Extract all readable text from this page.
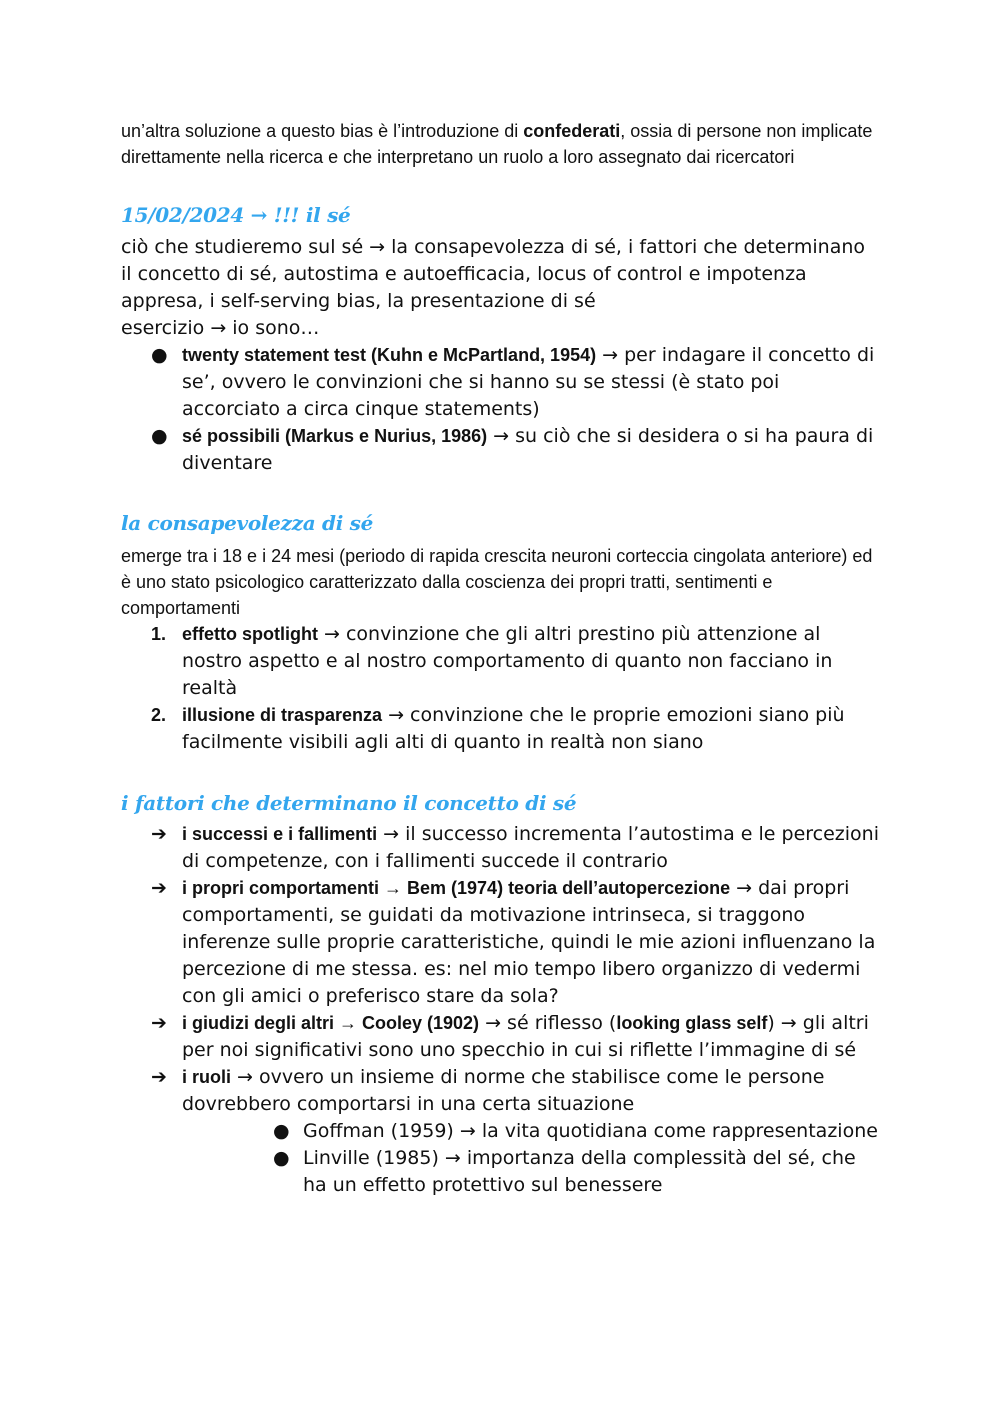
un’altra soluzione a questo bias è l’introduzione di confederati, ossia di persone non implicate direttamente nella ricerca e che interpretano un ruolo a loro assegnato dai ricercatori

15/02/2024 → !!! il sé

ciò che studieremo sul sé → la consapevolezza di sé, i fattori che determinano il concetto di sé, autostima e autoefficacia, locus of control e impotenza appresa, i self-serving bias, la presentazione di sé

esercizio → io sono…

● twenty statement test (Kuhn e McPartland, 1954) → per indagare il concetto di se’, ovvero le convinzioni che si hanno su se stessi (è stato poi accorciato a circa cinque statements)
● sé possibili (Markus e Nurius, 1986) → su ciò che si desidera o si ha paura di diventare
la consapevolezza di sé

emerge tra i 18 e i 24 mesi (periodo di rapida crescita neuroni corteccia cingolata anteriore) ed è uno stato psicologico caratterizzato dalla coscienza dei propri tratti, sentimenti e comportamenti

1. effetto spotlight → convinzione che gli altri prestino più attenzione al nostro aspetto e al nostro comportamento di quanto non facciano in realtà
2. illusione di trasparenza → convinzione che le proprie emozioni siano più facilmente visibili agli alti di quanto in realtà non siano
i fattori che determinano il concetto di sé
➔ i successi e i fallimenti → il successo incrementa l’autostima e le percezioni di competenze, con i fallimenti succede il contrario
➔ i propri comportamenti → Bem (1974) teoria dell’autopercezione → dai propri comportamenti, se guidati da motivazione intrinseca, si traggono inferenze sulle proprie caratteristiche, quindi le mie azioni influenzano la percezione di me stessa. es: nel mio tempo libero organizzo di vedermi con gli amici o preferisco stare da sola?
➔ i giudizi degli altri → Cooley (1902) → sé riflesso (looking glass self) → gli altri per noi significativi sono uno specchio in cui si riflette l’immagine di sé
➔ i ruoli → ovvero un insieme di norme che stabilisce come le persone dovrebbero comportarsi in una certa situazione
● Goffman (1959) → la vita quotidiana come rappresentazione
● Linville (1985) → importanza della complessità del sé, che ha un effetto protettivo sul benessere
